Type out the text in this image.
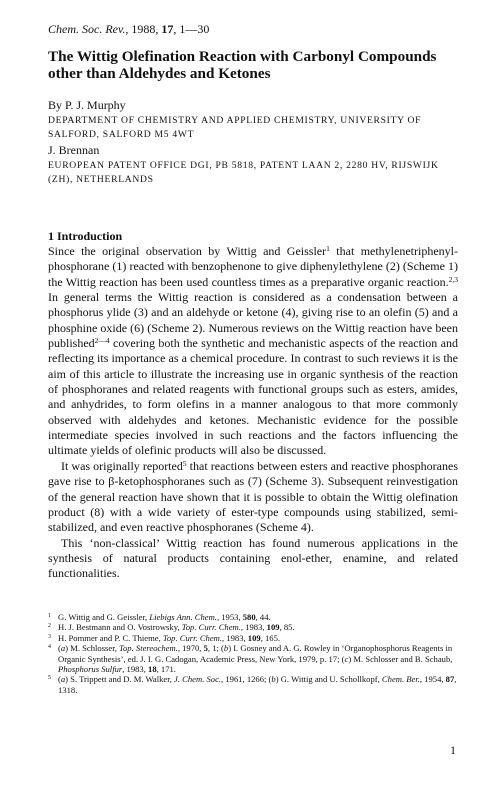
Chem. Soc. Rev., 1988, 17, 1—30
The Wittig Olefination Reaction with Carbonyl Compounds other than Aldehydes and Ketones
By P. J. Murphy
DEPARTMENT OF CHEMISTRY AND APPLIED CHEMISTRY, UNIVERSITY OF SALFORD, SALFORD M5 4WT
J. Brennan
EUROPEAN PATENT OFFICE DGI, PB 5818, PATENT LAAN 2, 2280 HV, RIJSWIJK (ZH), NETHERLANDS
1 Introduction

Since the original observation by Wittig and Geissler$^1$ that methylenetriphenyl-phosphorane (1) reacted with benzophenone to give diphenylethylene (2) (Scheme 1) the Wittig reaction has been used countless times as a preparative organic reaction.$^{2,3}$ In general terms the Wittig reaction is considered as a condensation between a phosphorus ylide (3) and an aldehyde or ketone (4), giving rise to an olefin (5) and a phosphine oxide (6) (Scheme 2). Numerous reviews on the Wittig reaction have been published$^{2—4}$ covering both the synthetic and mechanistic aspects of the reaction and reflecting its importance as a chemical procedure. In contrast to such reviews it is the aim of this article to illustrate the increasing use in organic synthesis of the reaction of phosphoranes and related reagents with functional groups such as esters, amides, and anhydrides, to form olefins in a manner analogous to that more commonly observed with aldehydes and ketones. Mechanistic evidence for the possible intermediate species involved in such reactions and the factors influencing the ultimate yields of olefinic products will also be discussed.

It was originally reported$^5$ that reactions between esters and reactive phosphoranes gave rise to β-ketophosphoranes such as (7) (Scheme 3). Subsequent reinvestigation of the general reaction have shown that it is possible to obtain the Wittig olefination product (8) with a wide variety of ester-type compounds using stabilized, semi-stabilized, and even reactive phosphoranes (Scheme 4).

This ‘non-classical’ Wittig reaction has found numerous applications in the synthesis of natural products containing enol-ether, enamine, and related functionalities.

1 G. Wittig and G. Geissler, Liebigs Ann. Chem., 1953, 580, 44.
2 H. J. Bestmann and O. Vostrowsky, Top. Curr. Chem., 1983, 109, 85.
3 H. Pommer and P. C. Thieme, Top. Curr. Chem., 1983, 109, 165.
4 (a) M. Schlosser, Top. Stereochem., 1970, 5, 1; (b) I. Gosney and A. G. Rowley in ‘Organophosphorus Reagents in Organic Synthesis’, ed. J. I. G. Cadogan, Academic Press, New York, 1979, p. 17; (c) M. Schlosser and B. Schaub, Phosphorus Sulfur, 1983, 18, 171.
5 (a) S. Trippett and D. M. Walker, J. Chem. Soc., 1961, 1266; (b) G. Wittig and U. Schollkopf, Chem. Ber., 1954, 87, 1318.
1
